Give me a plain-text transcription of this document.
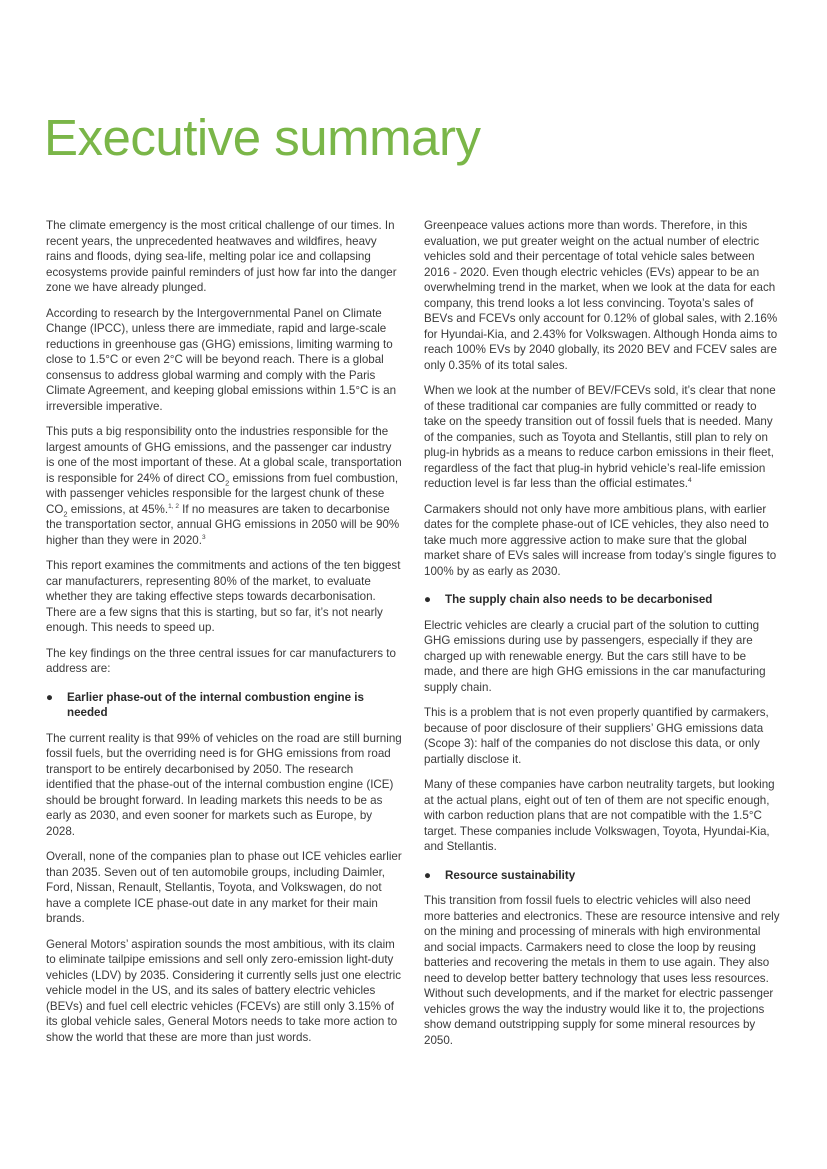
Executive summary

The climate emergency is the most critical challenge of our times. In recent years, the unprecedented heatwaves and wildfires, heavy rains and floods, dying sea-life, melting polar ice and collapsing ecosystems provide painful reminders of just how far into the danger zone we have already plunged.

According to research by the Intergovernmental Panel on Climate Change (IPCC), unless there are immediate, rapid and large-scale reductions in greenhouse gas (GHG) emissions, limiting warming to close to 1.5°C or even 2°C will be beyond reach. There is a global consensus to address global warming and comply with the Paris Climate Agreement, and keeping global emissions within 1.5°C is an irreversible imperative.

This puts a big responsibility onto the industries responsible for the largest amounts of GHG emissions, and the passenger car industry is one of the most important of these. At a global scale, transportation is responsible for 24% of direct $CO_2$ emissions from fuel combustion, with passenger vehicles responsible for the largest chunk of these $CO_2$ emissions, at 45%.$^{1, 2}$ If no measures are taken to decarbonise the transportation sector, annual GHG emissions in 2050 will be 90% higher than they were in 2020.$^3$

This report examines the commitments and actions of the ten biggest car manufacturers, representing 80% of the market, to evaluate whether they are taking effective steps towards decarbonisation. There are a few signs that this is starting, but so far, it’s not nearly enough. This needs to speed up.

The key findings on the three central issues for car manufacturers to address are:

●	Earlier phase-out of the internal combustion engine is needed

The current reality is that 99% of vehicles on the road are still burning fossil fuels, but the overriding need is for GHG emissions from road transport to be entirely decarbonised by 2050. The research identified that the phase-out of the internal combustion engine (ICE) should be brought forward. In leading markets this needs to be as early as 2030, and even sooner for markets such as Europe, by 2028.

Overall, none of the companies plan to phase out ICE vehicles earlier than 2035. Seven out of ten automobile groups, including Daimler, Ford, Nissan, Renault, Stellantis, Toyota, and Volkswagen, do not have a complete ICE phase-out date in any market for their main brands.

General Motors’ aspiration sounds the most ambitious, with its claim to eliminate tailpipe emissions and sell only zero-emission light-duty vehicles (LDV) by 2035. Considering it currently sells just one electric vehicle model in the US, and its sales of battery electric vehicles (BEVs) and fuel cell electric vehicles (FCEVs) are still only 3.15% of its global vehicle sales, General Motors needs to take more action to show the world that these are more than just words.

Greenpeace values actions more than words. Therefore, in this evaluation, we put greater weight on the actual number of electric vehicles sold and their percentage of total vehicle sales between 2016 - 2020. Even though electric vehicles (EVs) appear to be an overwhelming trend in the market, when we look at the data for each company, this trend looks a lot less convincing. Toyota’s sales of BEVs and FCEVs only account for 0.12% of global sales, with 2.16% for Hyundai-Kia, and 2.43% for Volkswagen. Although Honda aims to reach 100% EVs by 2040 globally, its 2020 BEV and FCEV sales are only 0.35% of its total sales.

When we look at the number of BEV/FCEVs sold, it’s clear that none of these traditional car companies are fully committed or ready to take on the speedy transition out of fossil fuels that is needed. Many of the companies, such as Toyota and Stellantis, still plan to rely on plug-in hybrids as a means to reduce carbon emissions in their fleet, regardless of the fact that plug-in hybrid vehicle’s real-life emission reduction level is far less than the official estimates.$^4$

Carmakers should not only have more ambitious plans, with earlier dates for the complete phase-out of ICE vehicles, they also need to take much more aggressive action to make sure that the global market share of EVs sales will increase from today’s single figures to 100% by as early as 2030.

●	The supply chain also needs to be decarbonised

Electric vehicles are clearly a crucial part of the solution to cutting GHG emissions during use by passengers, especially if they are charged up with renewable energy. But the cars still have to be made, and there are high GHG emissions in the car manufacturing supply chain.

This is a problem that is not even properly quantified by carmakers, because of poor disclosure of their suppliers’ GHG emissions data (Scope 3): half of the companies do not disclose this data, or only partially disclose it.

Many of these companies have carbon neutrality targets, but looking at the actual plans, eight out of ten of them are not specific enough, with carbon reduction plans that are not compatible with the 1.5°C target. These companies include Volkswagen, Toyota, Hyundai-Kia, and Stellantis.

●	Resource sustainability

This transition from fossil fuels to electric vehicles will also need more batteries and electronics. These are resource intensive and rely on the mining and processing of minerals with high environmental and social impacts. Carmakers need to close the loop by reusing batteries and recovering the metals in them to use again. They also need to develop better battery technology that uses less resources. Without such developments, and if the market for electric passenger vehicles grows the way the industry would like it to, the projections show demand outstripping supply for some mineral resources by 2050.
